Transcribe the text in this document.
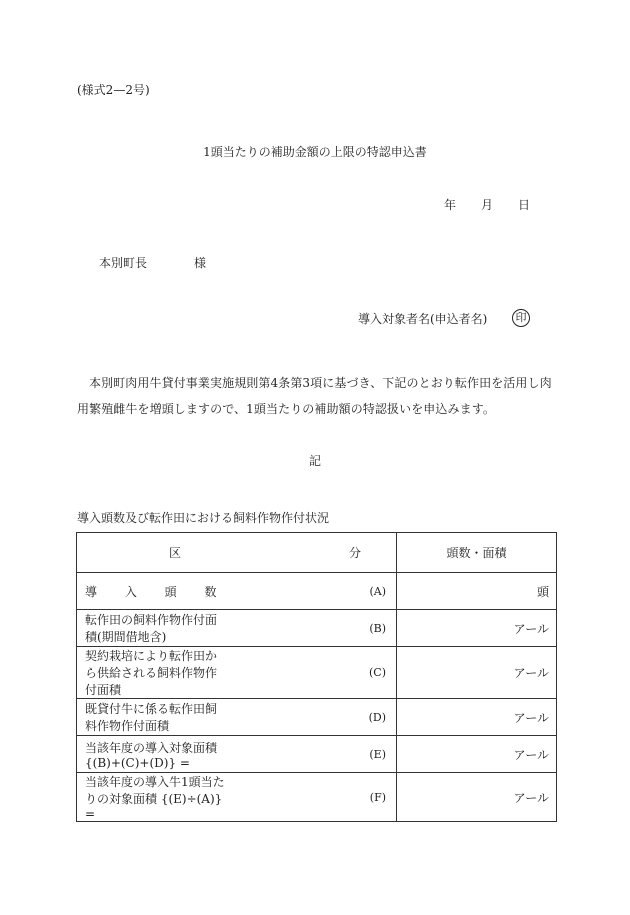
(様式2—2号)
1頭当たりの補助金額の上限の特認申込書
年 月 日
本別町長	様
導入対象者名(申込者名)	印
本別町肉用牛貸付事業実施規則第4条第3項に基づき、下記のとおり転作田を活用し肉用繁殖雌牛を増頭しますので、1頭当たりの補助額の特認扱いを申込みます。
記
導入頭数及び転作田における飼料作物作付状況
区 分		頭数・面積
導 入 頭 数	(A)	頭
転作田の飼料作物作付面積(期間借地含)	(B)	アール
契約栽培により転作田から供給される飼料作物作付面積	(C)	アール
既貸付牛に係る転作田飼料作物作付面積	(D)	アール
当該年度の導入対象面積 {(B)+(C)+(D)} =	(E)	アール
当該年度の導入牛1頭当たりの対象面積 {(E)÷(A)} =	(F)	アール
